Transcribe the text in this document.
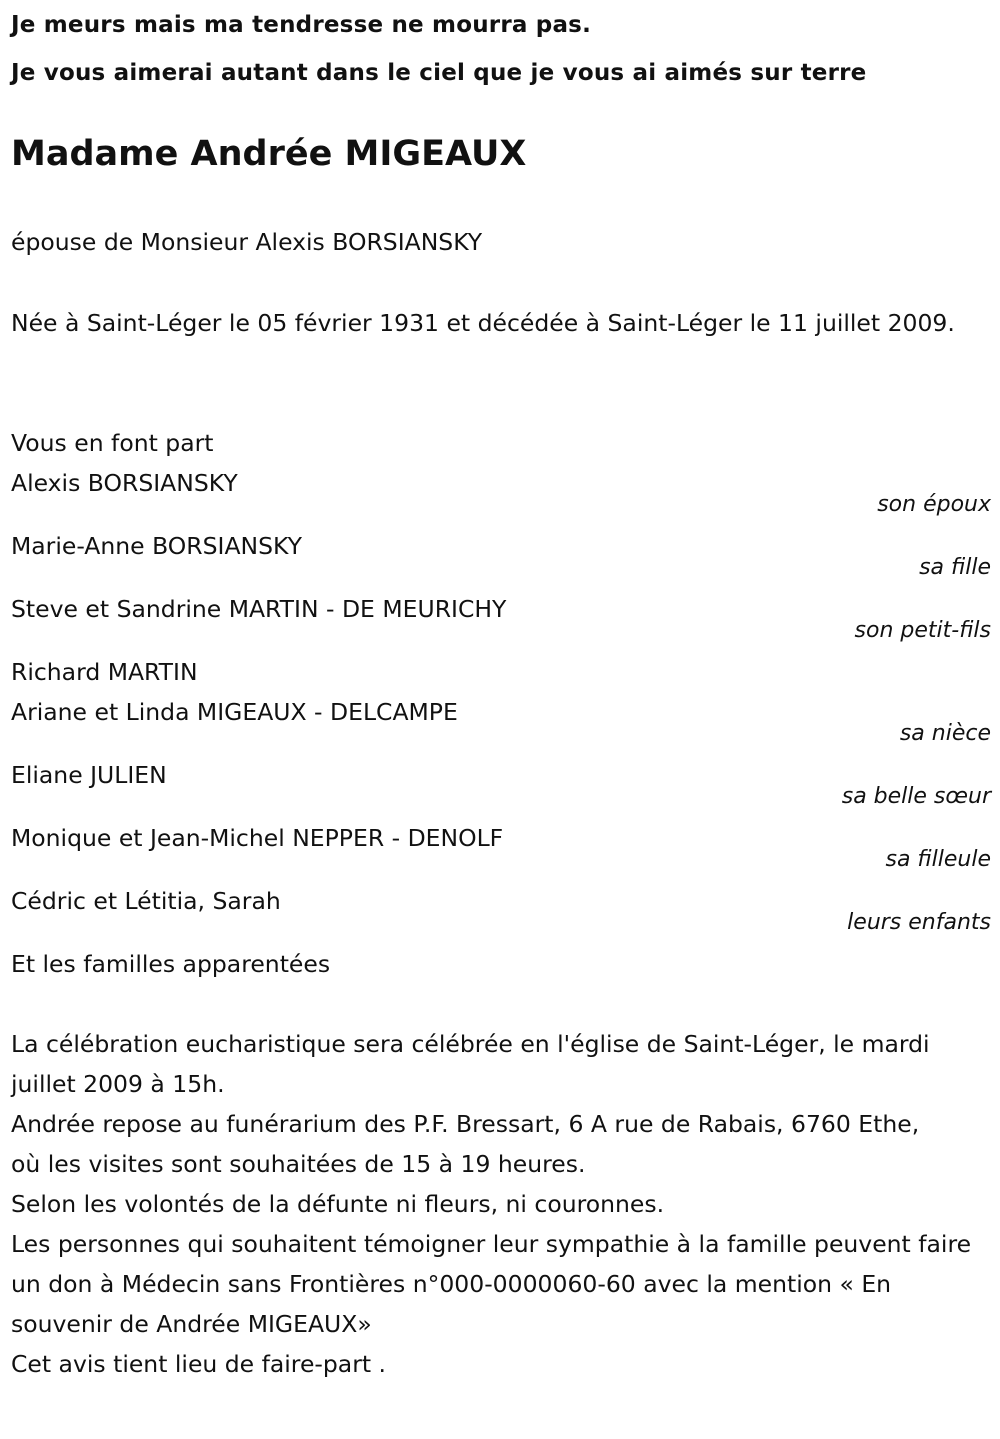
Je meurs mais ma tendresse ne mourra pas.
Je vous aimerai autant dans le ciel que je vous ai aimés sur terre
Madame Andrée MIGEAUX
épouse de Monsieur Alexis BORSIANSKY
Née à Saint-Léger le 05 février 1931 et décédée à Saint-Léger le 11 juillet 2009.
Vous en font part
Alexis BORSIANSKY
son époux
Marie-Anne BORSIANSKY
sa fille
Steve et Sandrine MARTIN - DE MEURICHY
son petit-fils
Richard MARTIN
Ariane et Linda MIGEAUX - DELCAMPE
sa nièce
Eliane JULIEN
sa belle sœur
Monique et Jean-Michel NEPPER - DENOLF
sa filleule
Cédric et Létitia, Sarah
leurs enfants
Et les familles apparentées
La célébration eucharistique sera célébrée en l'église de Saint-Léger, le mardi juillet 2009 à 15h.
Andrée repose au funérarium des P.F. Bressart, 6 A rue de Rabais, 6760 Ethe,
où les visites sont souhaitées de 15 à 19 heures.
Selon les volontés de la défunte ni fleurs, ni couronnes.
Les personnes qui souhaitent témoigner leur sympathie à la famille peuvent faire un don à Médecin sans Frontières n°000-0000060-60 avec la mention « En souvenir de Andrée MIGEAUX»
Cet avis tient lieu de faire-part .
